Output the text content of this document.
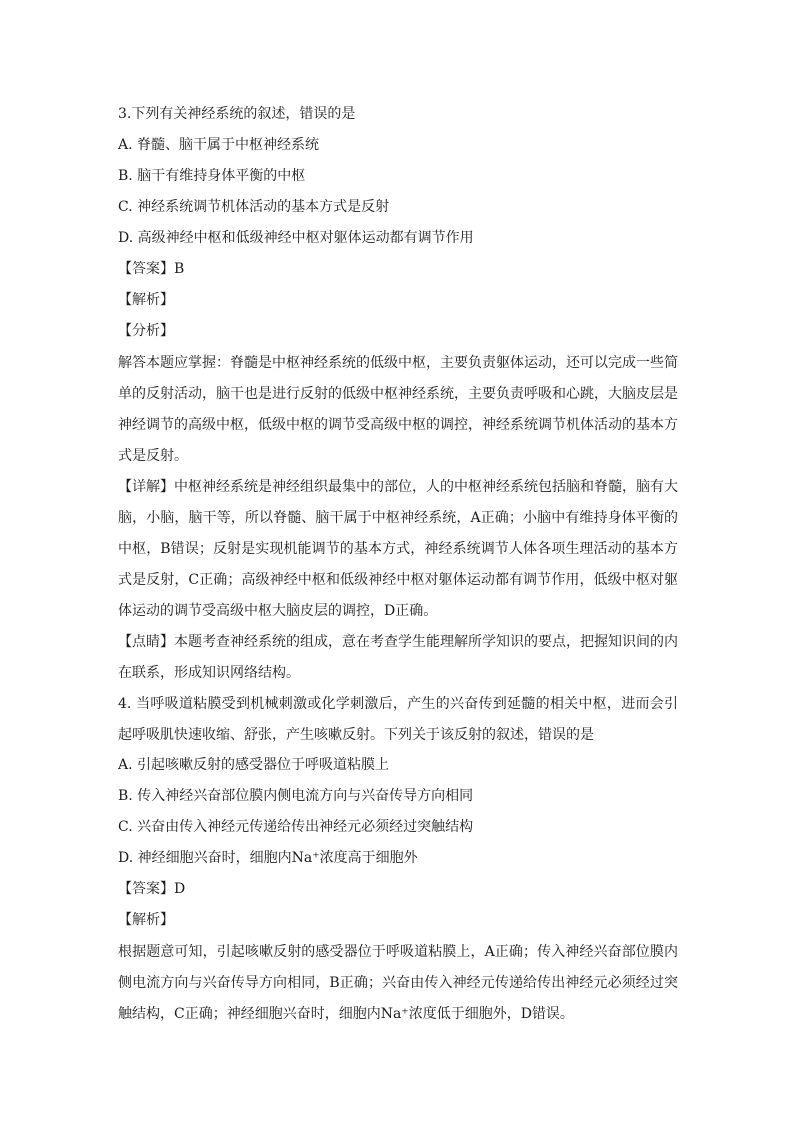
3.下列有关神经系统的叙述，错误的是
A. 脊髓、脑干属于中枢神经系统
B. 脑干有维持身体平衡的中枢
C. 神经系统调节机体活动的基本方式是反射
D. 高级神经中枢和低级神经中枢对躯体运动都有调节作用
【答案】B
【解析】
【分析】
解答本题应掌握：脊髓是中枢神经系统的低级中枢，主要负责躯体运动，还可以完成一些简单的反射活动，脑干也是进行反射的低级中枢神经系统，主要负责呼吸和心跳，大脑皮层是神经调节的高级中枢，低级中枢的调节受高级中枢的调控，神经系统调节机体活动的基本方式是反射。
【详解】中枢神经系统是神经组织最集中的部位，人的中枢神经系统包括脑和脊髓，脑有大脑，小脑，脑干等，所以脊髓、脑干属于中枢神经系统，A正确；小脑中有维持身体平衡的中枢，B错误；反射是实现机能调节的基本方式，神经系统调节人体各项生理活动的基本方式是反射，C正确；高级神经中枢和低级神经中枢对躯体运动都有调节作用，低级中枢对躯体运动的调节受高级中枢大脑皮层的调控，D正确。
【点睛】本题考查神经系统的组成，意在考查学生能理解所学知识的要点，把握知识间的内在联系，形成知识网络结构。
4. 当呼吸道粘膜受到机械刺激或化学刺激后，产生的兴奋传到延髓的相关中枢，进而会引起呼吸肌快速收缩、舒张，产生咳嗽反射。下列关于该反射的叙述，错误的是
A. 引起咳嗽反射的感受器位于呼吸道粘膜上
B. 传入神经兴奋部位膜内侧电流方向与兴奋传导方向相同
C. 兴奋由传入神经元传递给传出神经元必须经过突触结构
D. 神经细胞兴奋时，细胞内Na⁺浓度高于细胞外
【答案】D
【解析】
根据题意可知，引起咳嗽反射的感受器位于呼吸道粘膜上，A正确；传入神经兴奋部位膜内侧电流方向与兴奋传导方向相同，B正确；兴奋由传入神经元传递给传出神经元必须经过突触结构，C正确；神经细胞兴奋时，细胞内Na⁺浓度低于细胞外，D错误。
